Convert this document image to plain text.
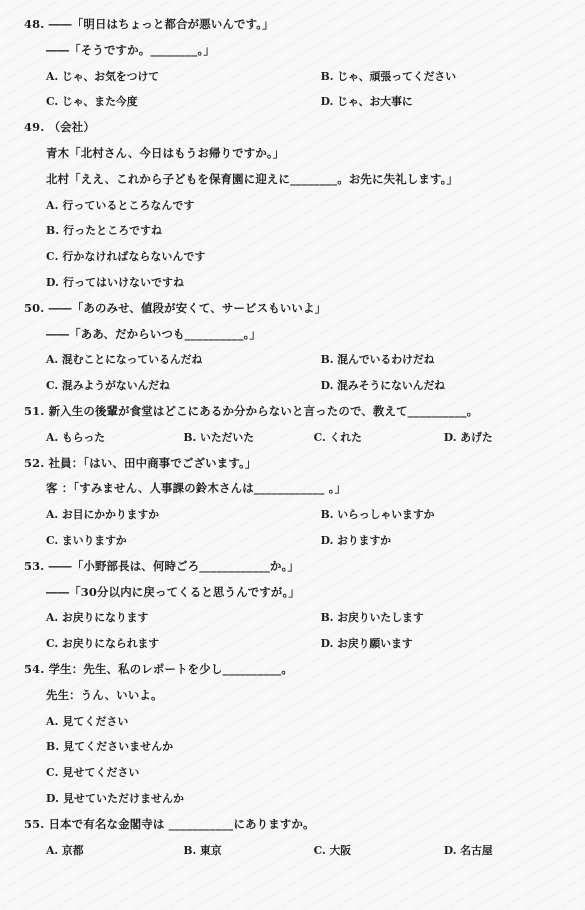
48. ――「明日はちょっと都合が悪いんです。」
――「そうですか。________。」
A. じゃ、お気をつけて	B. じゃ、頑張ってください
C. じゃ、また今度	D. じゃ、お大事に
49. （会社）
青木「北村さん、今日はもうお帰りですか。」
北村「ええ、これから子どもを保育園に迎えに________。お先に失礼します。」
A. 行っているところなんです
B. 行ったところですね
C. 行かなければならないんです
D. 行ってはいけないですね
50. ――「あのみせ、値段が安くて、サービスもいいよ」
――「ああ、だからいつも__________。」
A. 混むことになっているんだね	B. 混んでいるわけだね
C. 混みようがないんだね	D. 混みそうにないんだね
51. 新入生の後輩が食堂はどこにあるか分からないと言ったので、教えて__________。
A. もらった	B. いただいた	C. くれた	D. あげた
52. 社員：「はい、田中商事でございます。」
客 ：「すみません、人事課の鈴木さんは____________ 。」
A. お目にかかりますか	B. いらっしゃいますか
C. まいりますか	D. おりますか
53. ――「小野部長は、何時ごろ____________か。」
――「30分以内に戻ってくると思うんですが。」
A. お戻りになります	B. お戻りいたします
C. お戻りになられます	D. お戻り願います
54. 学生：先生、私のレポートを少し__________。
先生：うん、いいよ。
A. 見てください
B. 見てくださいませんか
C. 見せてください
D. 見せていただけませんか
55. 日本で有名な金閣寺は ___________にありますか。
A. 京都	B. 東京	C. 大阪	D. 名古屋
